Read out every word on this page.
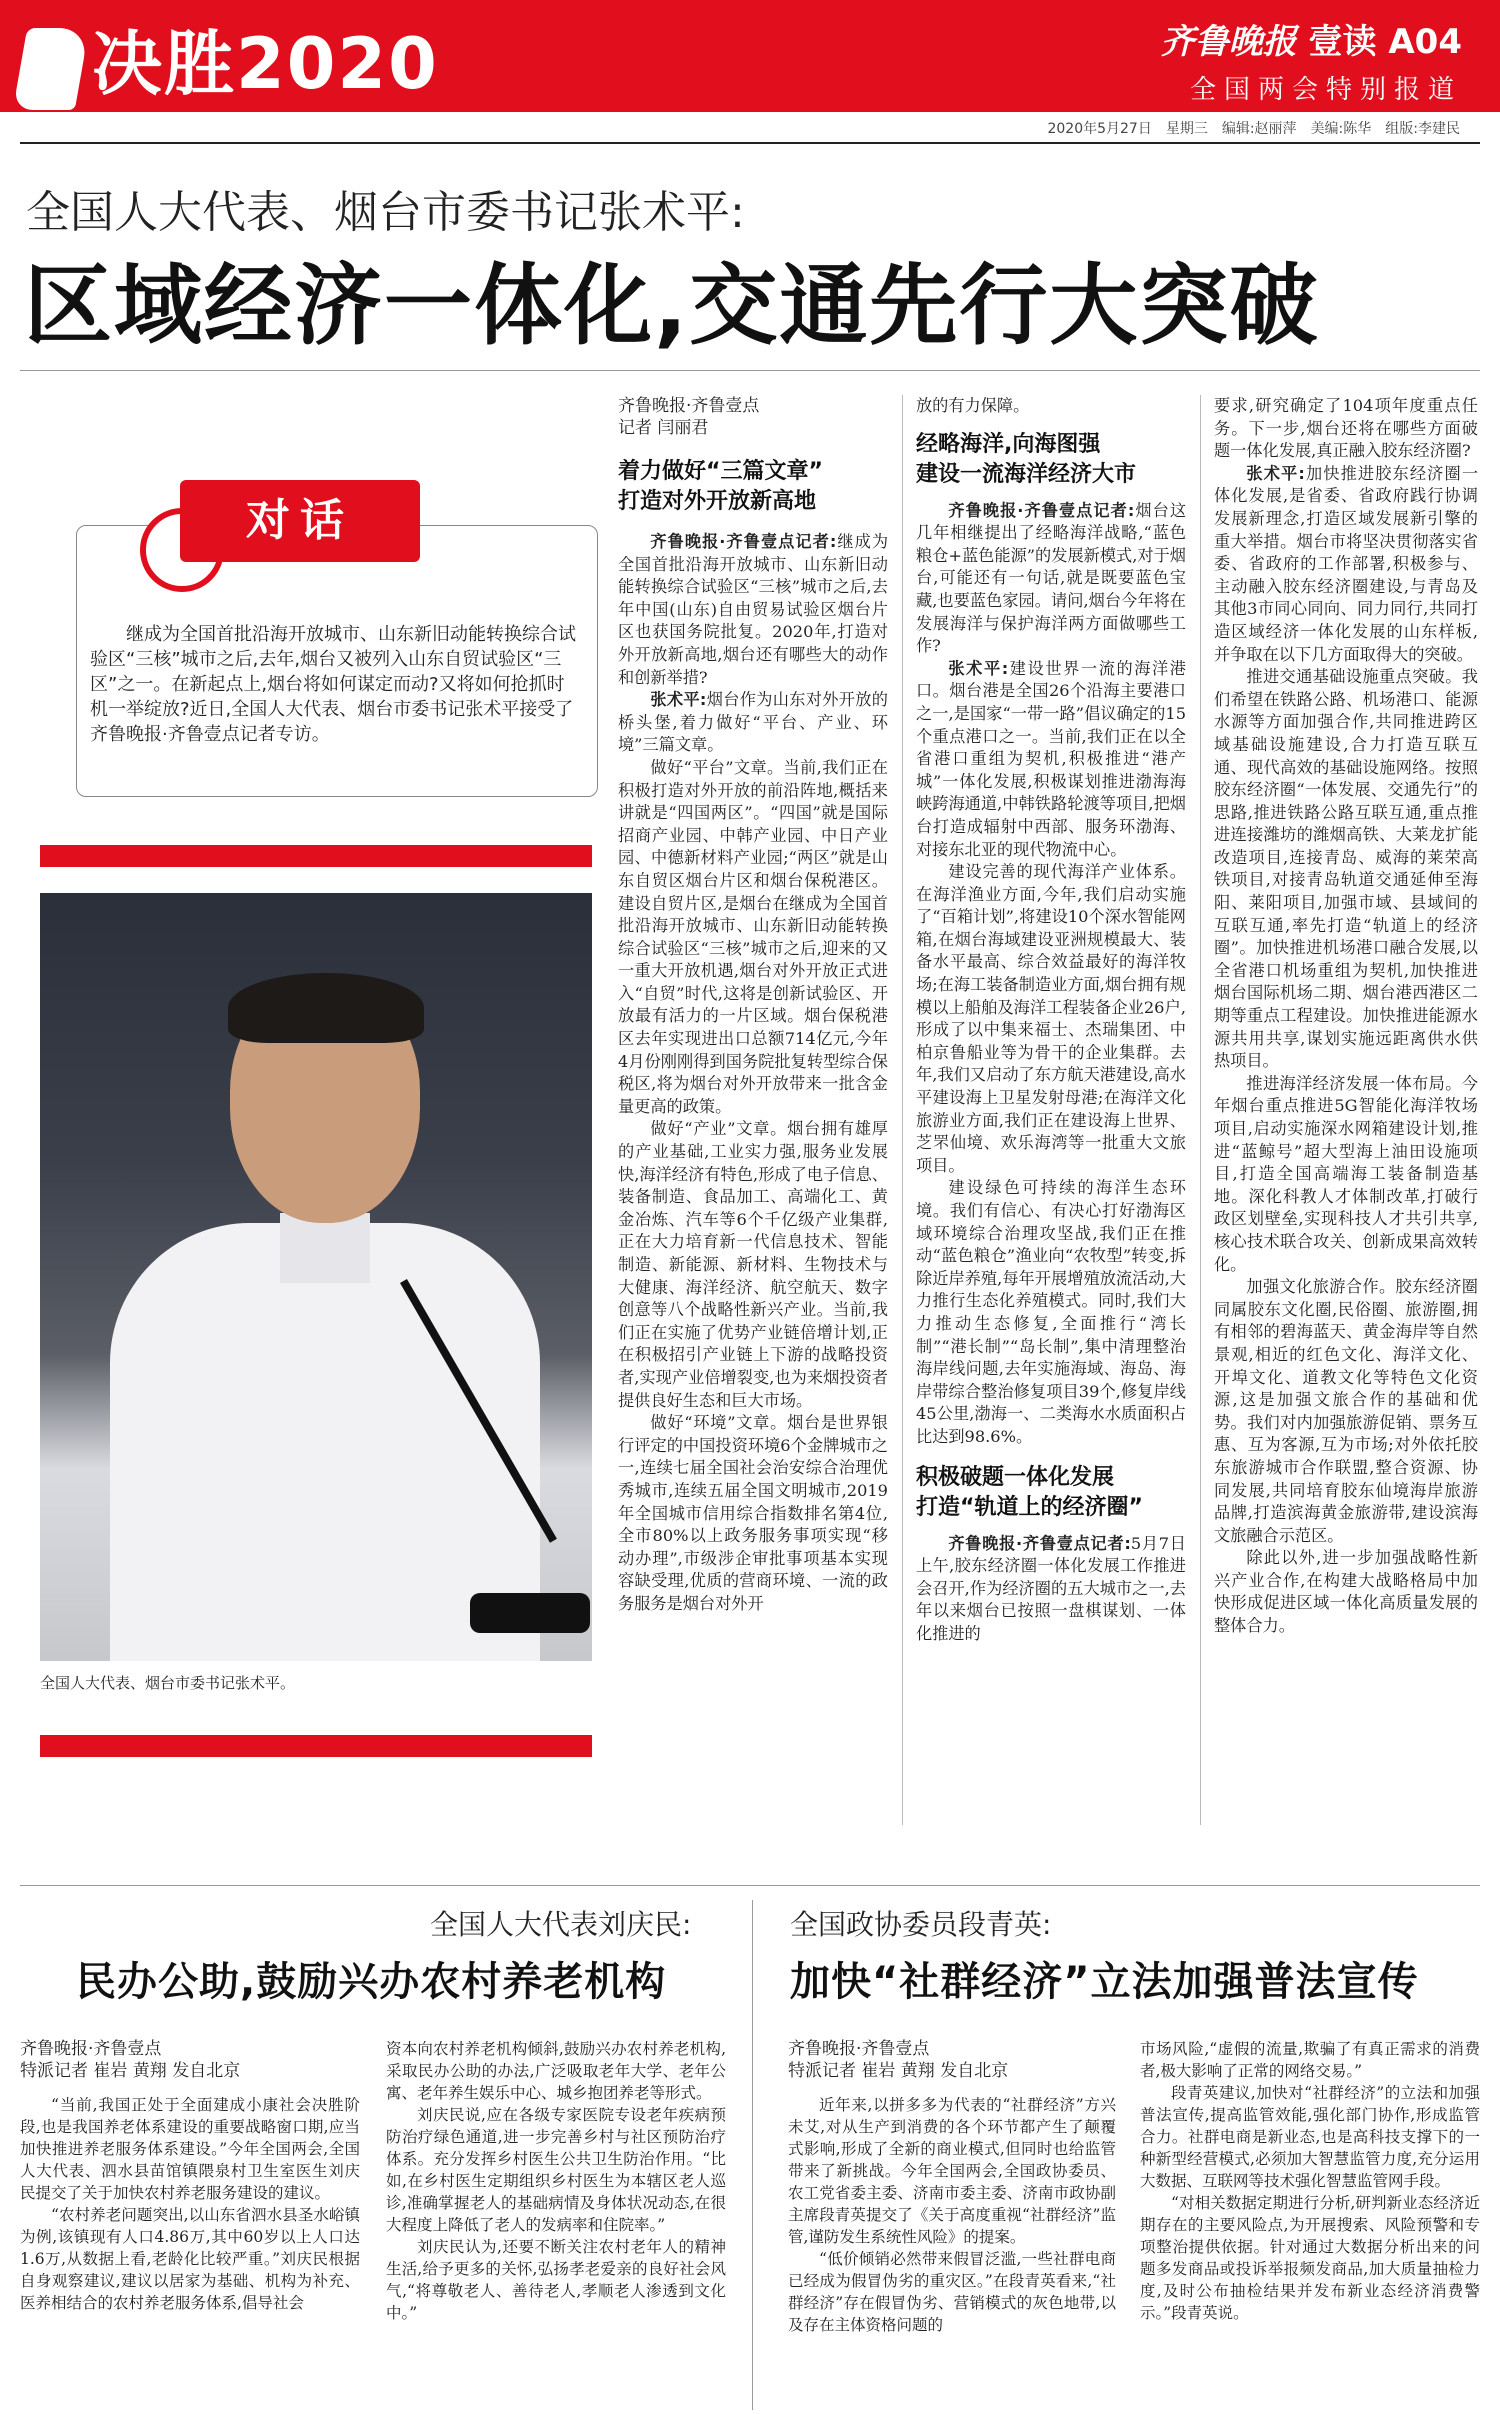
决胜2020	齐鲁晚报 壹读 A04
全国两会特别报道
2020年5月27日 星期三 编辑:赵丽萍 美编:陈华 组版:李建民
全国人大代表、烟台市委书记张术平:
区域经济一体化,交通先行大突破
对话
继成为全国首批沿海开放城市、山东新旧动能转换综合试验区“三核”城市之后,去年,烟台又被列入山东自贸试验区“三区”之一。在新起点上,烟台将如何谋定而动?又将如何抢抓时机一举绽放?近日,全国人大代表、烟台市委书记张术平接受了齐鲁晚报·齐鲁壹点记者专访。
全国人大代表、烟台市委书记张术平。
齐鲁晚报·齐鲁壹点
记者 闫丽君
着力做好“三篇文章”
打造对外开放新高地

齐鲁晚报·齐鲁壹点记者:继成为全国首批沿海开放城市、山东新旧动能转换综合试验区“三核”城市之后,去年中国(山东)自由贸易试验区烟台片区也获国务院批复。2020年,打造对外开放新高地,烟台还有哪些大的动作和创新举措?

张术平:烟台作为山东对外开放的桥头堡,着力做好“平台、产业、环境”三篇文章。

做好“平台”文章。当前,我们正在积极打造对外开放的前沿阵地,概括来讲就是“四国两区”。“四国”就是国际招商产业园、中韩产业园、中日产业园、中德新材料产业园;“两区”就是山东自贸区烟台片区和烟台保税港区。建设自贸片区,是烟台在继成为全国首批沿海开放城市、山东新旧动能转换综合试验区“三核”城市之后,迎来的又一重大开放机遇,烟台对外开放正式进入“自贸”时代,这将是创新试验区、开放最有活力的一片区域。烟台保税港区去年实现进出口总额714亿元,今年4月份刚刚得到国务院批复转型综合保税区,将为烟台对外开放带来一批含金量更高的政策。

做好“产业”文章。烟台拥有雄厚的产业基础,工业实力强,服务业发展快,海洋经济有特色,形成了电子信息、装备制造、食品加工、高端化工、黄金冶炼、汽车等6个千亿级产业集群,正在大力培育新一代信息技术、智能制造、新能源、新材料、生物技术与大健康、海洋经济、航空航天、数字创意等八个战略性新兴产业。当前,我们正在实施了优势产业链倍增计划,正在积极招引产业链上下游的战略投资者,实现产业倍增裂变,也为来烟投资者提供良好生态和巨大市场。

做好“环境”文章。烟台是世界银行评定的中国投资环境6个金牌城市之一,连续七届全国社会治安综合治理优秀城市,连续五届全国文明城市,2019年全国城市信用综合指数排名第4位,全市80%以上政务服务事项实现“移动办理”,市级涉企审批事项基本实现容缺受理,优质的营商环境、一流的政务服务是烟台对外开

放的有力保障。

经略海洋,向海图强
建设一流海洋经济大市

齐鲁晚报·齐鲁壹点记者:烟台这几年相继提出了经略海洋战略,“蓝色粮仓+蓝色能源”的发展新模式,对于烟台,可能还有一句话,就是既要蓝色宝藏,也要蓝色家园。请问,烟台今年将在发展海洋与保护海洋两方面做哪些工作?

张术平:建设世界一流的海洋港口。烟台港是全国26个沿海主要港口之一,是国家“一带一路”倡议确定的15个重点港口之一。当前,我们正在以全省港口重组为契机,积极推进“港产城”一体化发展,积极谋划推进渤海海峡跨海通道,中韩铁路轮渡等项目,把烟台打造成辐射中西部、服务环渤海、对接东北亚的现代物流中心。

建设完善的现代海洋产业体系。在海洋渔业方面,今年,我们启动实施了“百箱计划”,将建设10个深水智能网箱,在烟台海域建设亚洲规模最大、装备水平最高、综合效益最好的海洋牧场;在海工装备制造业方面,烟台拥有规模以上船舶及海洋工程装备企业26户,形成了以中集来福士、杰瑞集团、中柏京鲁船业等为骨干的企业集群。去年,我们又启动了东方航天港建设,高水平建设海上卫星发射母港;在海洋文化旅游业方面,我们正在建设海上世界、芝罘仙境、欢乐海湾等一批重大文旅项目。

建设绿色可持续的海洋生态环境。我们有信心、有决心打好渤海区域环境综合治理攻坚战,我们正在推动“蓝色粮仓”渔业向“农牧型”转变,拆除近岸养殖,每年开展增殖放流活动,大力推行生态化养殖模式。同时,我们大力推动生态修复,全面推行“湾长制”“港长制”“岛长制”,集中清理整治海岸线问题,去年实施海域、海岛、海岸带综合整治修复项目39个,修复岸线45公里,渤海一、二类海水水质面积占比达到98.6%。

积极破题一体化发展
打造“轨道上的经济圈”

齐鲁晚报·齐鲁壹点记者:5月7日上午,胶东经济圈一体化发展工作推进会召开,作为经济圈的五大城市之一,去年以来烟台已按照一盘棋谋划、一体化推进的

要求,研究确定了104项年度重点任务。下一步,烟台还将在哪些方面破题一体化发展,真正融入胶东经济圈?

张术平:加快推进胶东经济圈一体化发展,是省委、省政府践行协调发展新理念,打造区域发展新引擎的重大举措。烟台市将坚决贯彻落实省委、省政府的工作部署,积极参与、主动融入胶东经济圈建设,与青岛及其他3市同心同向、同力同行,共同打造区域经济一体化发展的山东样板,并争取在以下几方面取得大的突破。

推进交通基础设施重点突破。我们希望在铁路公路、机场港口、能源水源等方面加强合作,共同推进跨区域基础设施建设,合力打造互联互通、现代高效的基础设施网络。按照胶东经济圈“一体发展、交通先行”的思路,推进铁路公路互联互通,重点推进连接潍坊的潍烟高铁、大莱龙扩能改造项目,连接青岛、威海的莱荣高铁项目,对接青岛轨道交通延伸至海阳、莱阳项目,加强市域、县域间的互联互通,率先打造“轨道上的经济圈”。加快推进机场港口融合发展,以全省港口机场重组为契机,加快推进烟台国际机场二期、烟台港西港区二期等重点工程建设。加快推进能源水源共用共享,谋划实施远距离供水供热项目。

推进海洋经济发展一体布局。今年烟台重点推进5G智能化海洋牧场项目,启动实施深水网箱建设计划,推进“蓝鲸号”超大型海上油田设施项目,打造全国高端海工装备制造基地。深化科教人才体制改革,打破行政区划壁垒,实现科技人才共引共享,核心技术联合攻关、创新成果高效转化。

加强文化旅游合作。胶东经济圈同属胶东文化圈,民俗圈、旅游圈,拥有相邻的碧海蓝天、黄金海岸等自然景观,相近的红色文化、海洋文化、开埠文化、道教文化等特色文化资源,这是加强文旅合作的基础和优势。我们对内加强旅游促销、票务互惠、互为客源,互为市场;对外依托胶东旅游城市合作联盟,整合资源、协同发展,共同培育胶东仙境海岸旅游品牌,打造滨海黄金旅游带,建设滨海文旅融合示范区。

除此以外,进一步加强战略性新兴产业合作,在构建大战略格局中加快形成促进区域一体化高质量发展的整体合力。

全国人大代表刘庆民:
民办公助,鼓励兴办农村养老机构
齐鲁晚报·齐鲁壹点
特派记者 崔岩 黄翔 发自北京

“当前,我国正处于全面建成小康社会决胜阶段,也是我国养老体系建设的重要战略窗口期,应当加快推进养老服务体系建设。”今年全国两会,全国人大代表、泗水县苗馆镇隈泉村卫生室医生刘庆民提交了关于加快农村养老服务建设的建议。

“农村养老问题突出,以山东省泗水县圣水峪镇为例,该镇现有人口4.86万,其中60岁以上人口达1.6万,从数据上看,老龄化比较严重。”刘庆民根据自身观察建议,建议以居家为基础、机构为补充、医养相结合的农村养老服务体系,倡导社会

资本向农村养老机构倾斜,鼓励兴办农村养老机构,采取民办公助的办法,广泛吸取老年大学、老年公寓、老年养生娱乐中心、城乡抱团养老等形式。

刘庆民说,应在各级专家医院专设老年疾病预防治疗绿色通道,进一步完善乡村与社区预防治疗体系。充分发挥乡村医生公共卫生防治作用。“比如,在乡村医生定期组织乡村医生为本辖区老人巡诊,准确掌握老人的基础病情及身体状况动态,在很大程度上降低了老人的发病率和住院率。”

刘庆民认为,还要不断关注农村老年人的精神生活,给予更多的关怀,弘扬孝老爱亲的良好社会风气,“将尊敬老人、善待老人,孝顺老人渗透到文化中。”

全国政协委员段青英:
加快“社群经济”立法加强普法宣传
齐鲁晚报·齐鲁壹点
特派记者 崔岩 黄翔 发自北京

近年来,以拼多多为代表的“社群经济”方兴未艾,对从生产到消费的各个环节都产生了颠覆式影响,形成了全新的商业模式,但同时也给监管带来了新挑战。今年全国两会,全国政协委员、农工党省委主委、济南市委主委、济南市政协副主席段青英提交了《关于高度重视“社群经济”监管,谨防发生系统性风险》的提案。

“低价倾销必然带来假冒泛滥,一些社群电商已经成为假冒伪劣的重灾区。”在段青英看来,“社群经济”存在假冒伪劣、营销模式的灰色地带,以及存在主体资格问题的

市场风险,“虚假的流量,欺骗了有真正需求的消费者,极大影响了正常的网络交易。”

段青英建议,加快对“社群经济”的立法和加强普法宣传,提高监管效能,强化部门协作,形成监管合力。社群电商是新业态,也是高科技支撑下的一种新型经营模式,必须加大智慧监管力度,充分运用大数据、互联网等技术强化智慧监管网手段。

“对相关数据定期进行分析,研判新业态经济近期存在的主要风险点,为开展搜索、风险预警和专项整治提供依据。针对通过大数据分析出来的问题多发商品或投诉举报频发商品,加大质量抽检力度,及时公布抽检结果并发布新业态经济消费警示。”段青英说。
